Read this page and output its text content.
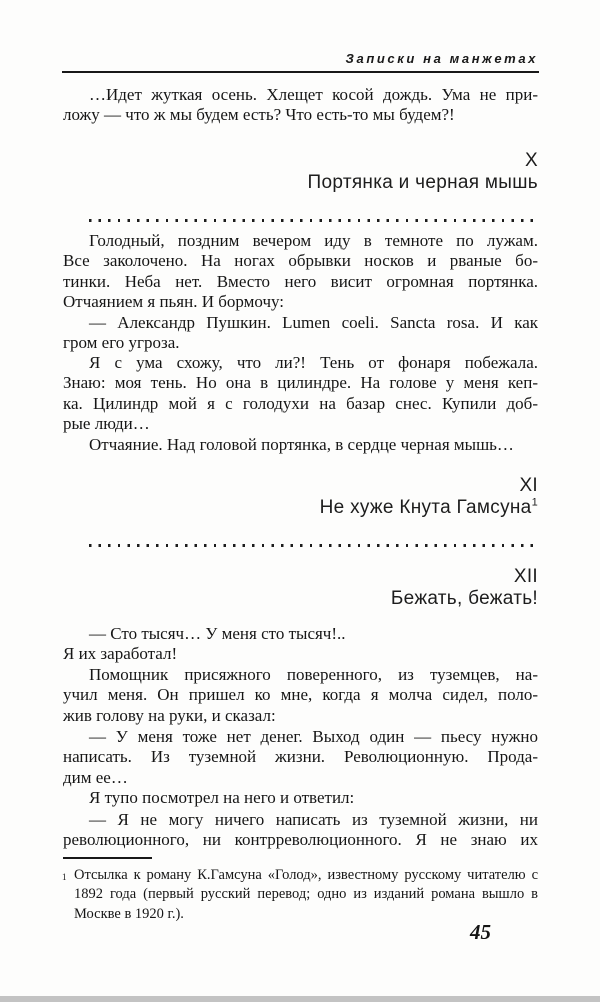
Записки на манжетах
…Идет жуткая осень. Хлещет косой дождь. Ума не при-
ложу — что ж мы будем есть? Что есть-то мы будем?!
X
Портянка и черная мышь
Голодный, поздним вечером иду в темноте по лужам.
Все заколочено. На ногах обрывки носков и рваные бо-
тинки. Неба нет. Вместо него висит огромная портянка.
Отчаянием я пьян. И бормочу:
— Александр Пушкин. Lumen coeli. Sancta rosa. И как
гром его угроза.
Я с ума схожу, что ли?! Тень от фонаря побежала.
Знаю: моя тень. Но она в цилиндре. На голове у меня кеп-
ка. Цилиндр мой я с голодухи на базар снес. Купили доб-
рые люди…
Отчаяние. Над головой портянка, в сердце черная мышь…
XI
Не хуже Кнута Гамсуна$^1$
XII
Бежать, бежать!
— Сто тысяч… У меня сто тысяч!..
Я их заработал!
Помощник присяжного поверенного, из туземцев, на-
учил меня. Он пришел ко мне, когда я молча сидел, поло-
жив голову на руки, и сказал:
— У меня тоже нет денег. Выход один — пьесу нужно
написать. Из туземной жизни. Революционную. Прода-
дим ее…
Я тупо посмотрел на него и ответил:
— Я не могу ничего написать из туземной жизни, ни
революционного, ни контрреволюционного. Я не знаю их
1 Отсылка к роману К.Гамсуна «Голод», известному русскому читателю с
1892 года (первый русский перевод; одно из изданий романа вышло в
Москве в 1920 г.).
45
